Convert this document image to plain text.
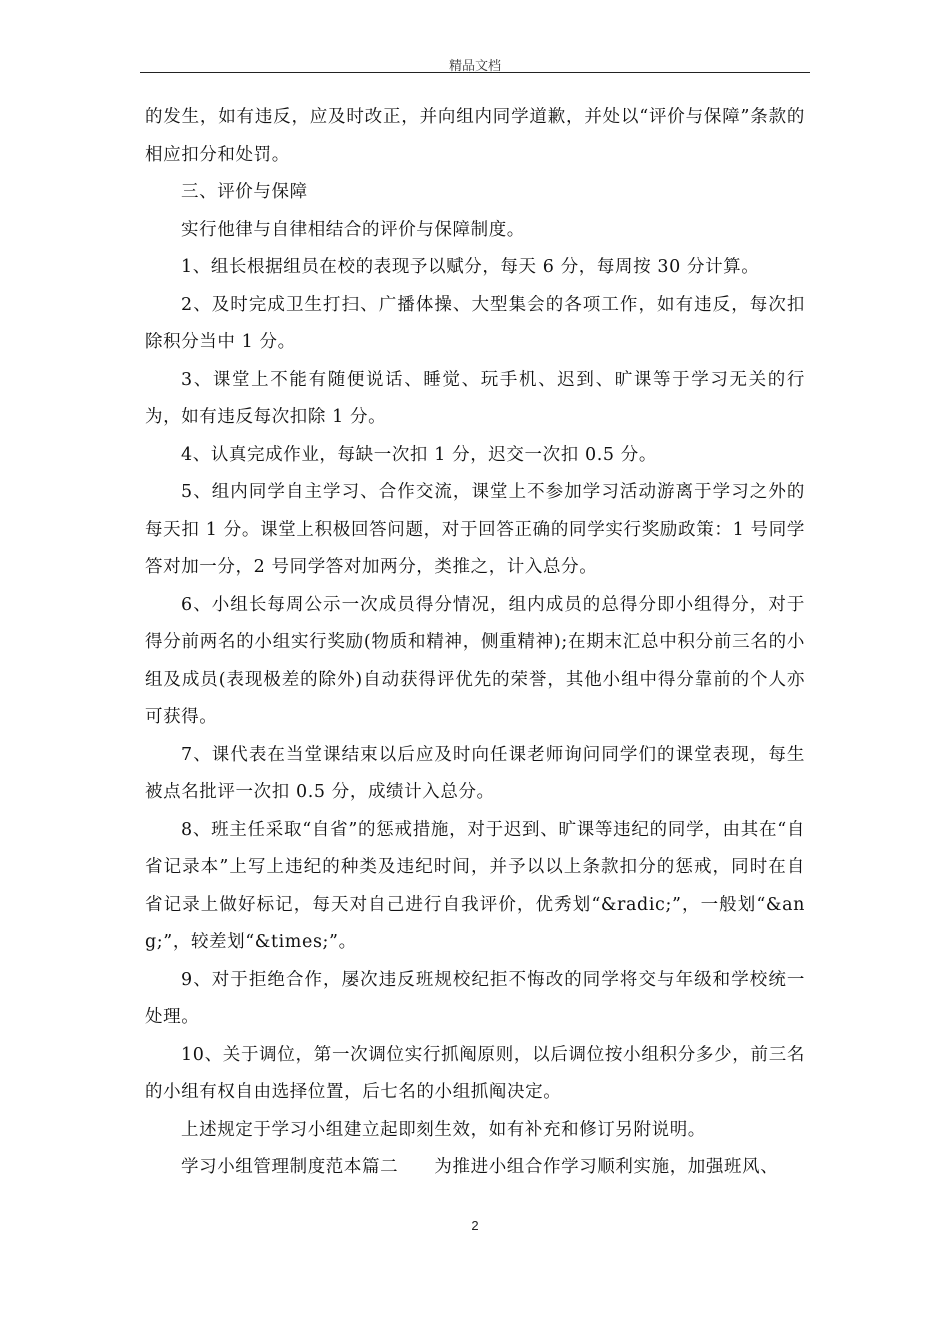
精品文档

的发生，如有违反，应及时改正，并向组内同学道歉，并处以“评价与保障”条款的相应扣分和处罚。

三、评价与保障

实行他律与自律相结合的评价与保障制度。

1、组长根据组员在校的表现予以赋分，每天 6 分，每周按 30 分计算。

2、及时完成卫生打扫、广播体操、大型集会的各项工作，如有违反，每次扣除积分当中 1 分。

3、课堂上不能有随便说话、睡觉、玩手机、迟到、旷课等于学习无关的行为，如有违反每次扣除 1 分。

4、认真完成作业，每缺一次扣 1 分，迟交一次扣 0.5 分。

5、组内同学自主学习、合作交流，课堂上不参加学习活动游离于学习之外的每天扣 1 分。课堂上积极回答问题，对于回答正确的同学实行奖励政策：1 号同学答对加一分，2 号同学答对加两分，类推之，计入总分。

6、小组长每周公示一次成员得分情况，组内成员的总得分即小组得分，对于得分前两名的小组实行奖励(物质和精神，侧重精神);在期末汇总中积分前三名的小组及成员(表现极差的除外)自动获得评优先的荣誉，其他小组中得分靠前的个人亦可获得。

7、课代表在当堂课结束以后应及时向任课老师询问同学们的课堂表现，每生被点名批评一次扣 0.5 分，成绩计入总分。

8、班主任采取“自省”的惩戒措施，对于迟到、旷课等违纪的同学，由其在“自省记录本”上写上违纪的种类及违纪时间，并予以以上条款扣分的惩戒，同时在自省记录上做好标记，每天对自己进行自我评价，优秀划“&radic;”，一般划“&ang;”，较差划“&times;”。

9、对于拒绝合作，屡次违反班规校纪拒不悔改的同学将交与年级和学校统一处理。

10、关于调位，第一次调位实行抓阄原则，以后调位按小组积分多少，前三名的小组有权自由选择位置，后七名的小组抓阄决定。

上述规定于学习小组建立起即刻生效，如有补充和修订另附说明。

学习小组管理制度范本篇二　　为推进小组合作学习顺利实施，加强班风、

2
